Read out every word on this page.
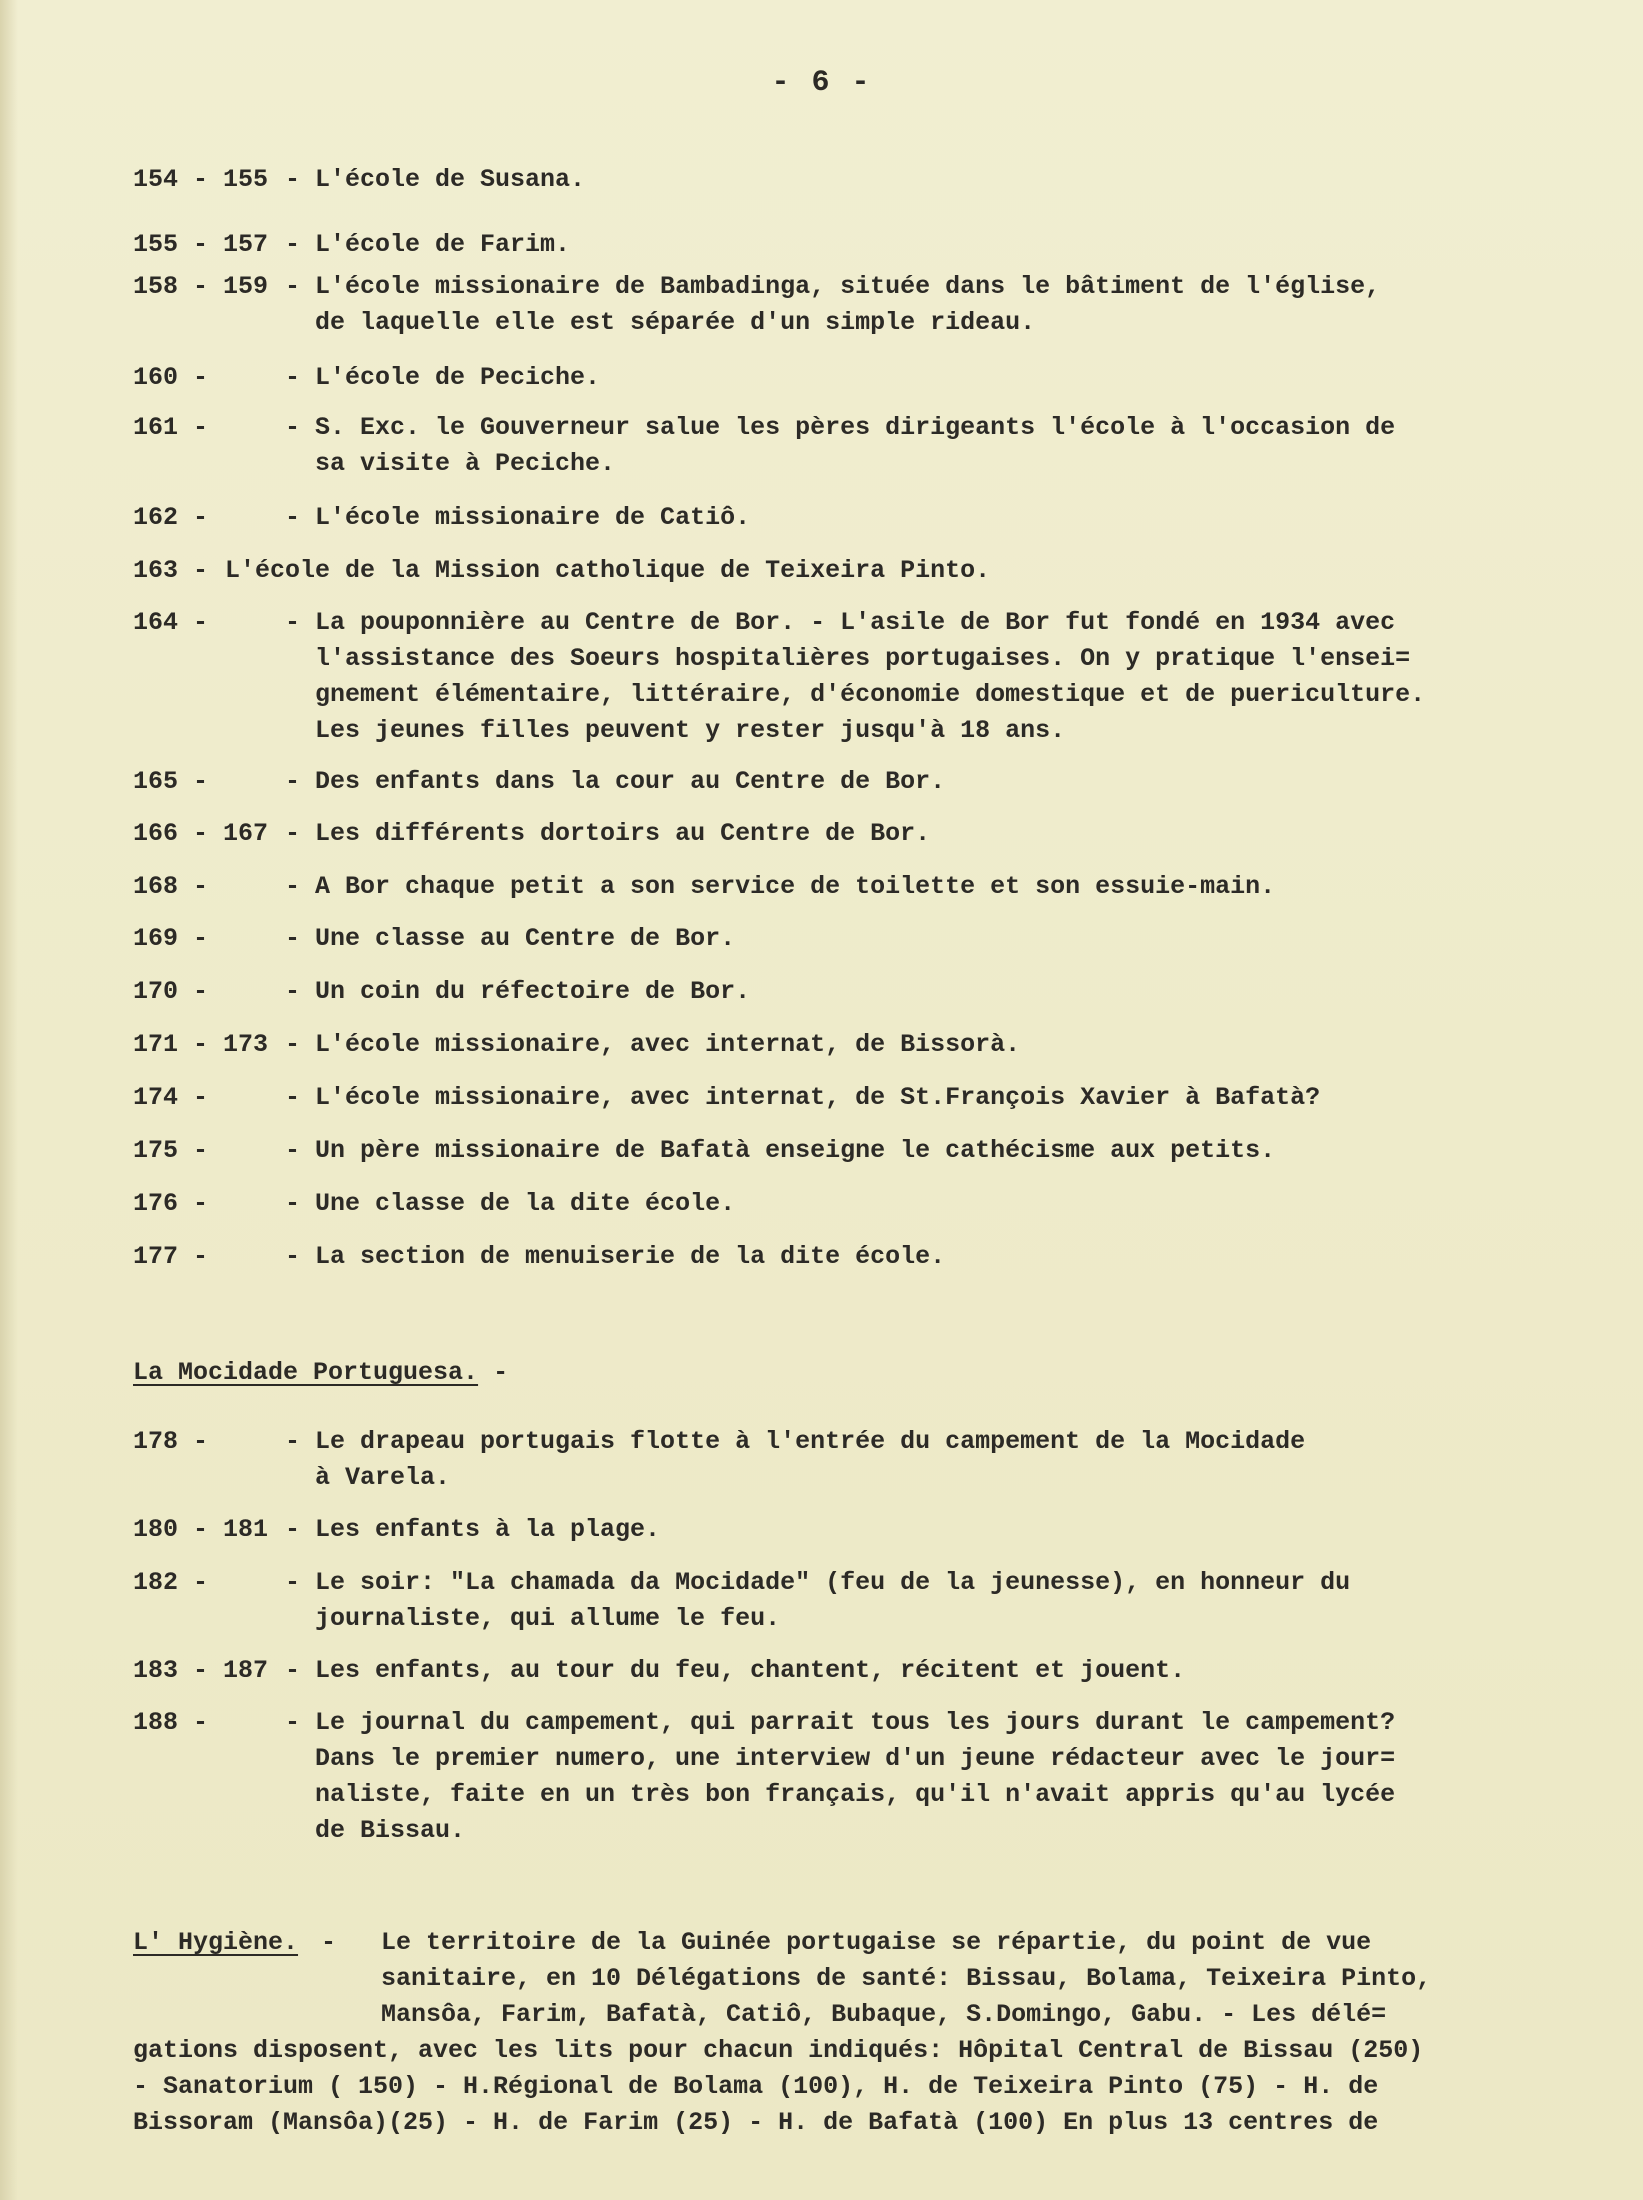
- 6 -
154 - 155 - L'école de Susana.
155 - 157 - L'école de Farim.
158 - 159 - L'école missionaire de Bambadinga, située dans le bâtiment de l'église,
de laquelle elle est séparée d'un simple rideau.
160 -	- L'école de Peciche.
161 -	- S. Exc. le Gouverneur salue les pères dirigeants l'école à l'occasion de
sa visite à Peciche.
162 -	- L'école missionaire de Catiô.
163 - L'école de la Mission catholique de Teixeira Pinto.
164 -	- La pouponnière au Centre de Bor. - L'asile de Bor fut fondé en 1934 avec
l'assistance des Soeurs hospitalières portugaises. On y pratique l'ensei=
gnement élémentaire, littéraire, d'économie domestique et de puericulture.
Les jeunes filles peuvent y rester jusqu'à 18 ans.
165 -	- Des enfants dans la cour au Centre de Bor.
166 - 167 - Les différents dortoirs au Centre de Bor.
168 -	- A Bor chaque petit a son service de toilette et son essuie-main.
169 -	- Une classe au Centre de Bor.
170 -	- Un coin du réfectoire de Bor.
171 - 173 - L'école missionaire, avec internat, de Bissorà.
174 -	- L'école missionaire, avec internat, de St.François Xavier à Bafatà?
175 -	- Un père missionaire de Bafatà enseigne le cathécisme aux petits.
176 -	- Une classe de la dite école.
177 -	- La section de menuiserie de la dite école.
La Mocidade Portuguesa. -
178 -	- Le drapeau portugais flotte à l'entrée du campement de la Mocidade
à Varela.
180 - 181 - Les enfants à la plage.
182 -	- Le soir: "La chamada da Mocidade" (feu de la jeunesse), en honneur du
journaliste, qui allume le feu.
183 - 187 - Les enfants, au tour du feu, chantent, récitent et jouent.
188 -	- Le journal du campement, qui parrait tous les jours durant le campement?
Dans le premier numero, une interview d'un jeune rédacteur avec le jour=
naliste, faite en un très bon français, qu'il n'avait appris qu'au lycée
de Bissau.
L' Hygiène. - Le territoire de la Guinée portugaise se répartie, du point de vue
sanitaire, en 10 Délégations de santé: Bissau, Bolama, Teixeira Pinto,
Mansôa, Farim, Bafatà, Catiô, Bubaque, S.Domingo, Gabu. - Les délé=
gations disposent, avec les lits pour chacun indiqués: Hôpital Central de Bissau (250)
- Sanatorium ( 150) - H.Régional de Bolama (100), H. de Teixeira Pinto (75) - H. de
Bissoram (Mansôa)(25) - H. de Farim (25) - H. de Bafatà (100) En plus 13 centres de
